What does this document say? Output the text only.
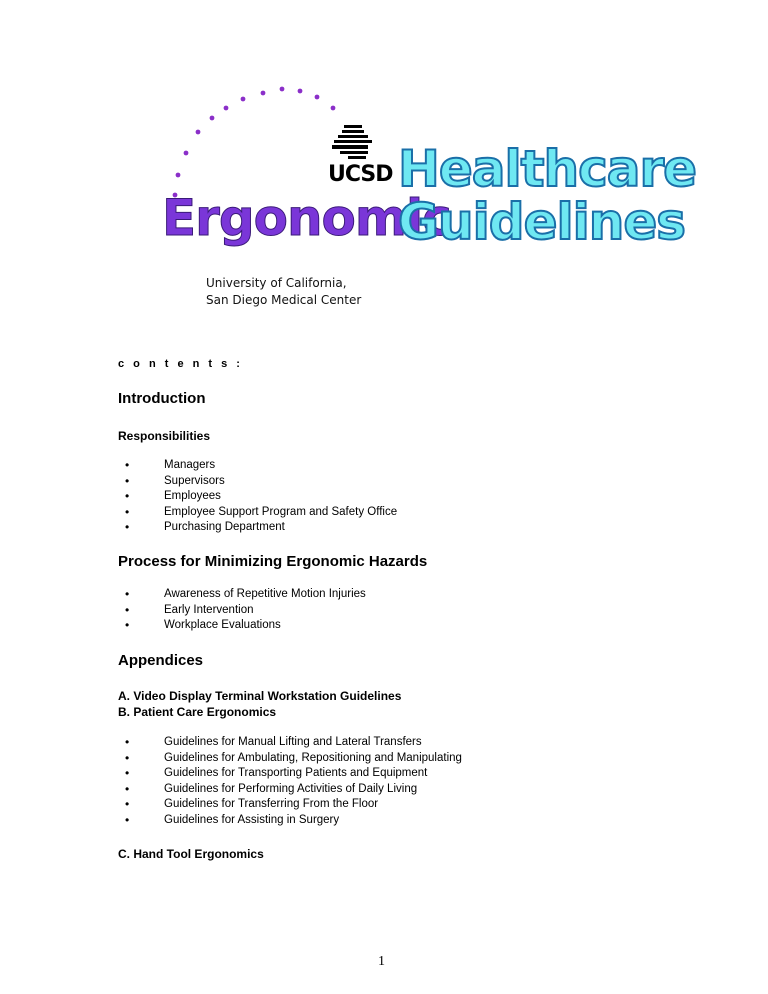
UCSD
Ergonomic
Healthcare
Guidelines
University of California,
San Diego Medical Center
c o n t e n t s :
Introduction
Responsibilities
• Managers
• Supervisors
• Employees
• Employee Support Program and Safety Office
• Purchasing Department
Process for Minimizing Ergonomic Hazards
• Awareness of Repetitive Motion Injuries
• Early Intervention
• Workplace Evaluations
Appendices
A. Video Display Terminal Workstation Guidelines
B. Patient Care Ergonomics
• Guidelines for Manual Lifting and Lateral Transfers
• Guidelines for Ambulating, Repositioning and Manipulating
• Guidelines for Transporting Patients and Equipment
• Guidelines for Performing Activities of Daily Living
• Guidelines for Transferring From the Floor
• Guidelines for Assisting in Surgery
C. Hand Tool Ergonomics
1
